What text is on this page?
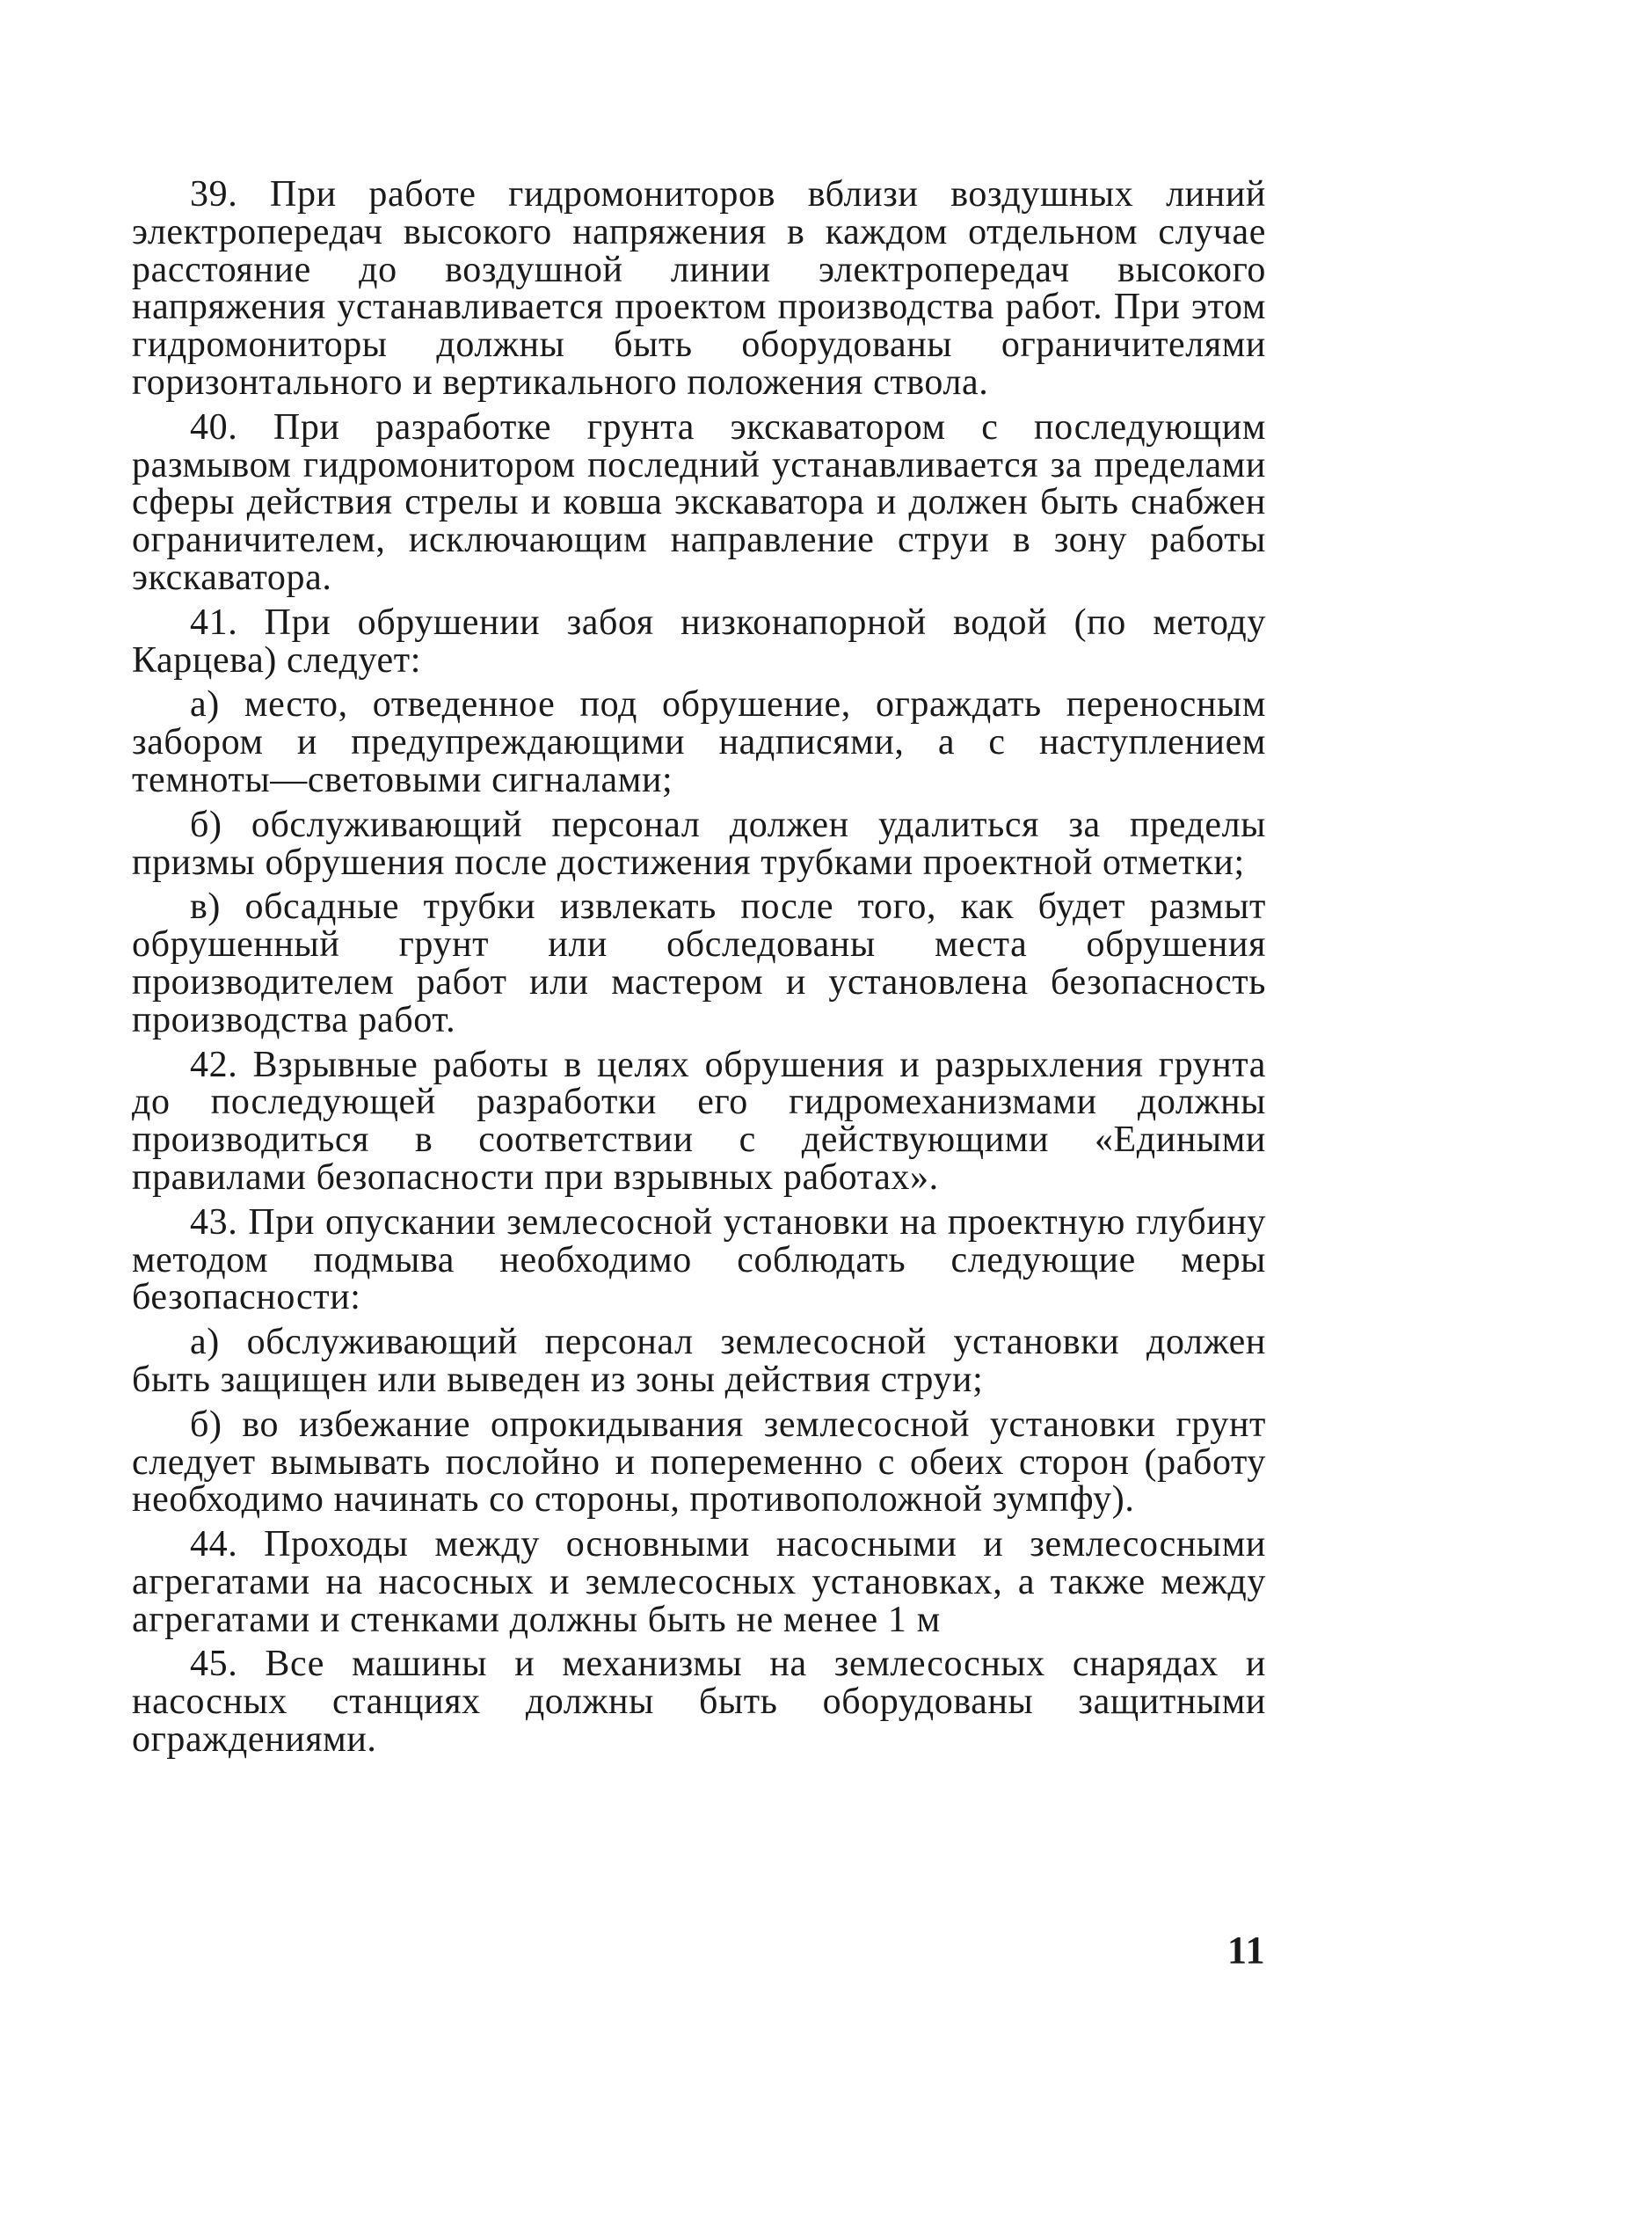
39. При работе гидромониторов вблизи воздушных линий электропередач высокого напряжения в каждом отдельном случае расстояние до воздушной линии электропередач высокого напряжения устанавливается проектом производства работ. При этом гидромониторы должны быть оборудованы ограничителями горизонтального и вертикального положения ствола.

40. При разработке грунта экскаватором с последующим размывом гидромонитором последний устанавливается за пределами сферы действия стрелы и ковша экскаватора и должен быть снабжен ограничителем, исключающим направление струи в зону работы экскаватора.

41. При обрушении забоя низконапорной водой (по методу Карцева) следует:

а) место, отведенное под обрушение, ограждать переносным забором и предупреждающими надписями, а с наступлением темноты—световыми сигналами;

б) обслуживающий персонал должен удалиться за пределы призмы обрушения после достижения трубками проектной отметки;

в) обсадные трубки извлекать после того, как будет размыт обрушенный грунт или обследованы места обрушения производителем работ или мастером и установлена безопасность производства работ.

42. Взрывные работы в целях обрушения и разрыхления грунта до последующей разработки его гидромеханизмами должны производиться в соответствии с действующими «Едиными правилами безопасности при взрывных работах».

43. При опускании землесосной установки на проектную глубину методом подмыва необходимо соблюдать следующие меры безопасности:

а) обслуживающий персонал землесосной установки должен быть защищен или выведен из зоны действия струи;

б) во избежание опрокидывания землесосной установки грунт следует вымывать послойно и попеременно с обеих сторон (работу необходимо начинать со стороны, противоположной зумпфу).

44. Проходы между основными насосными и землесосными агрегатами на насосных и землесосных установках, а также между агрегатами и стенками должны быть не менее 1 м

45. Все машины и механизмы на землесосных снарядах и насосных станциях должны быть оборудованы защитными ограждениями.

11
